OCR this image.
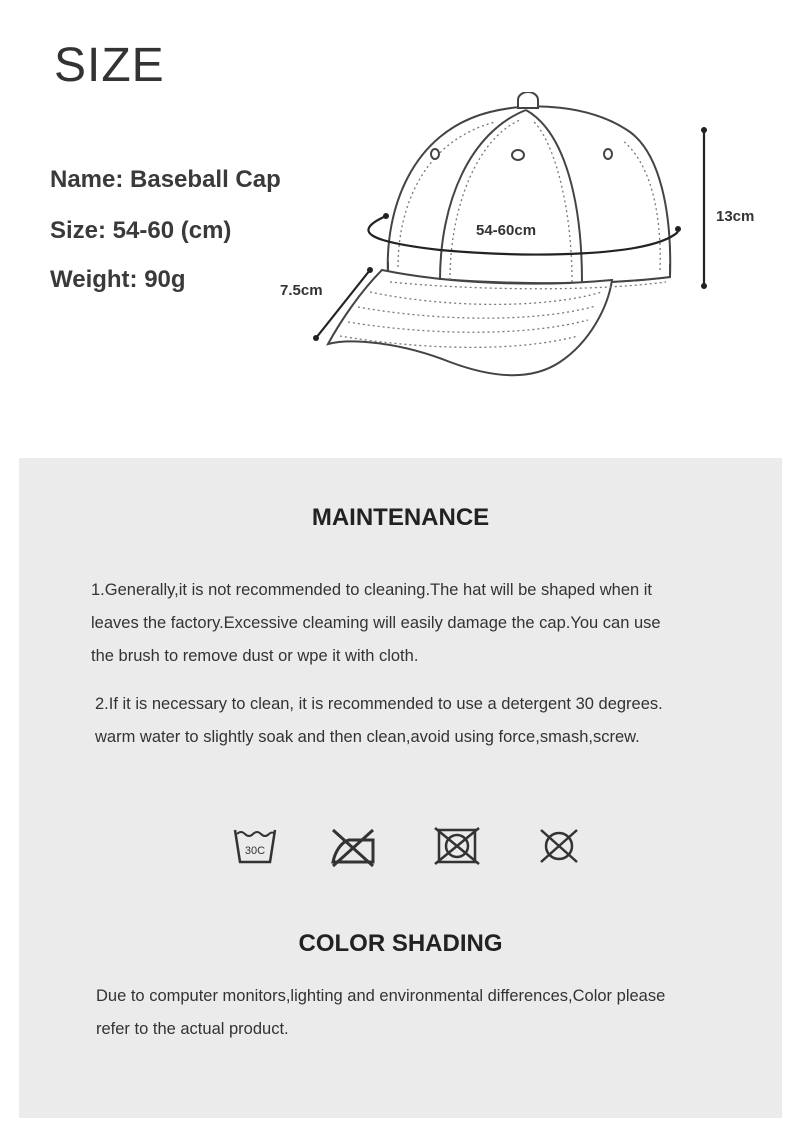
SIZE
Name: Baseball Cap
Size: 54-60 (cm)
Weight: 90g
54-60cm
13cm
7.5cm
MAINTENANCE
1.Generally,it is not recommended to cleaning.The hat will be shaped when it
leaves the factory.Excessive cleaming will easily damage the cap.You can use
the brush to remove dust or wpe it with cloth.
2.If it is necessary to clean, it is recommended to use a detergent 30 degrees.
warm water to slightly soak and then clean,avoid using force,smash,screw.
30C
COLOR SHADING
Due to computer monitors,lighting and environmental differences,Color please
refer to the actual product.
